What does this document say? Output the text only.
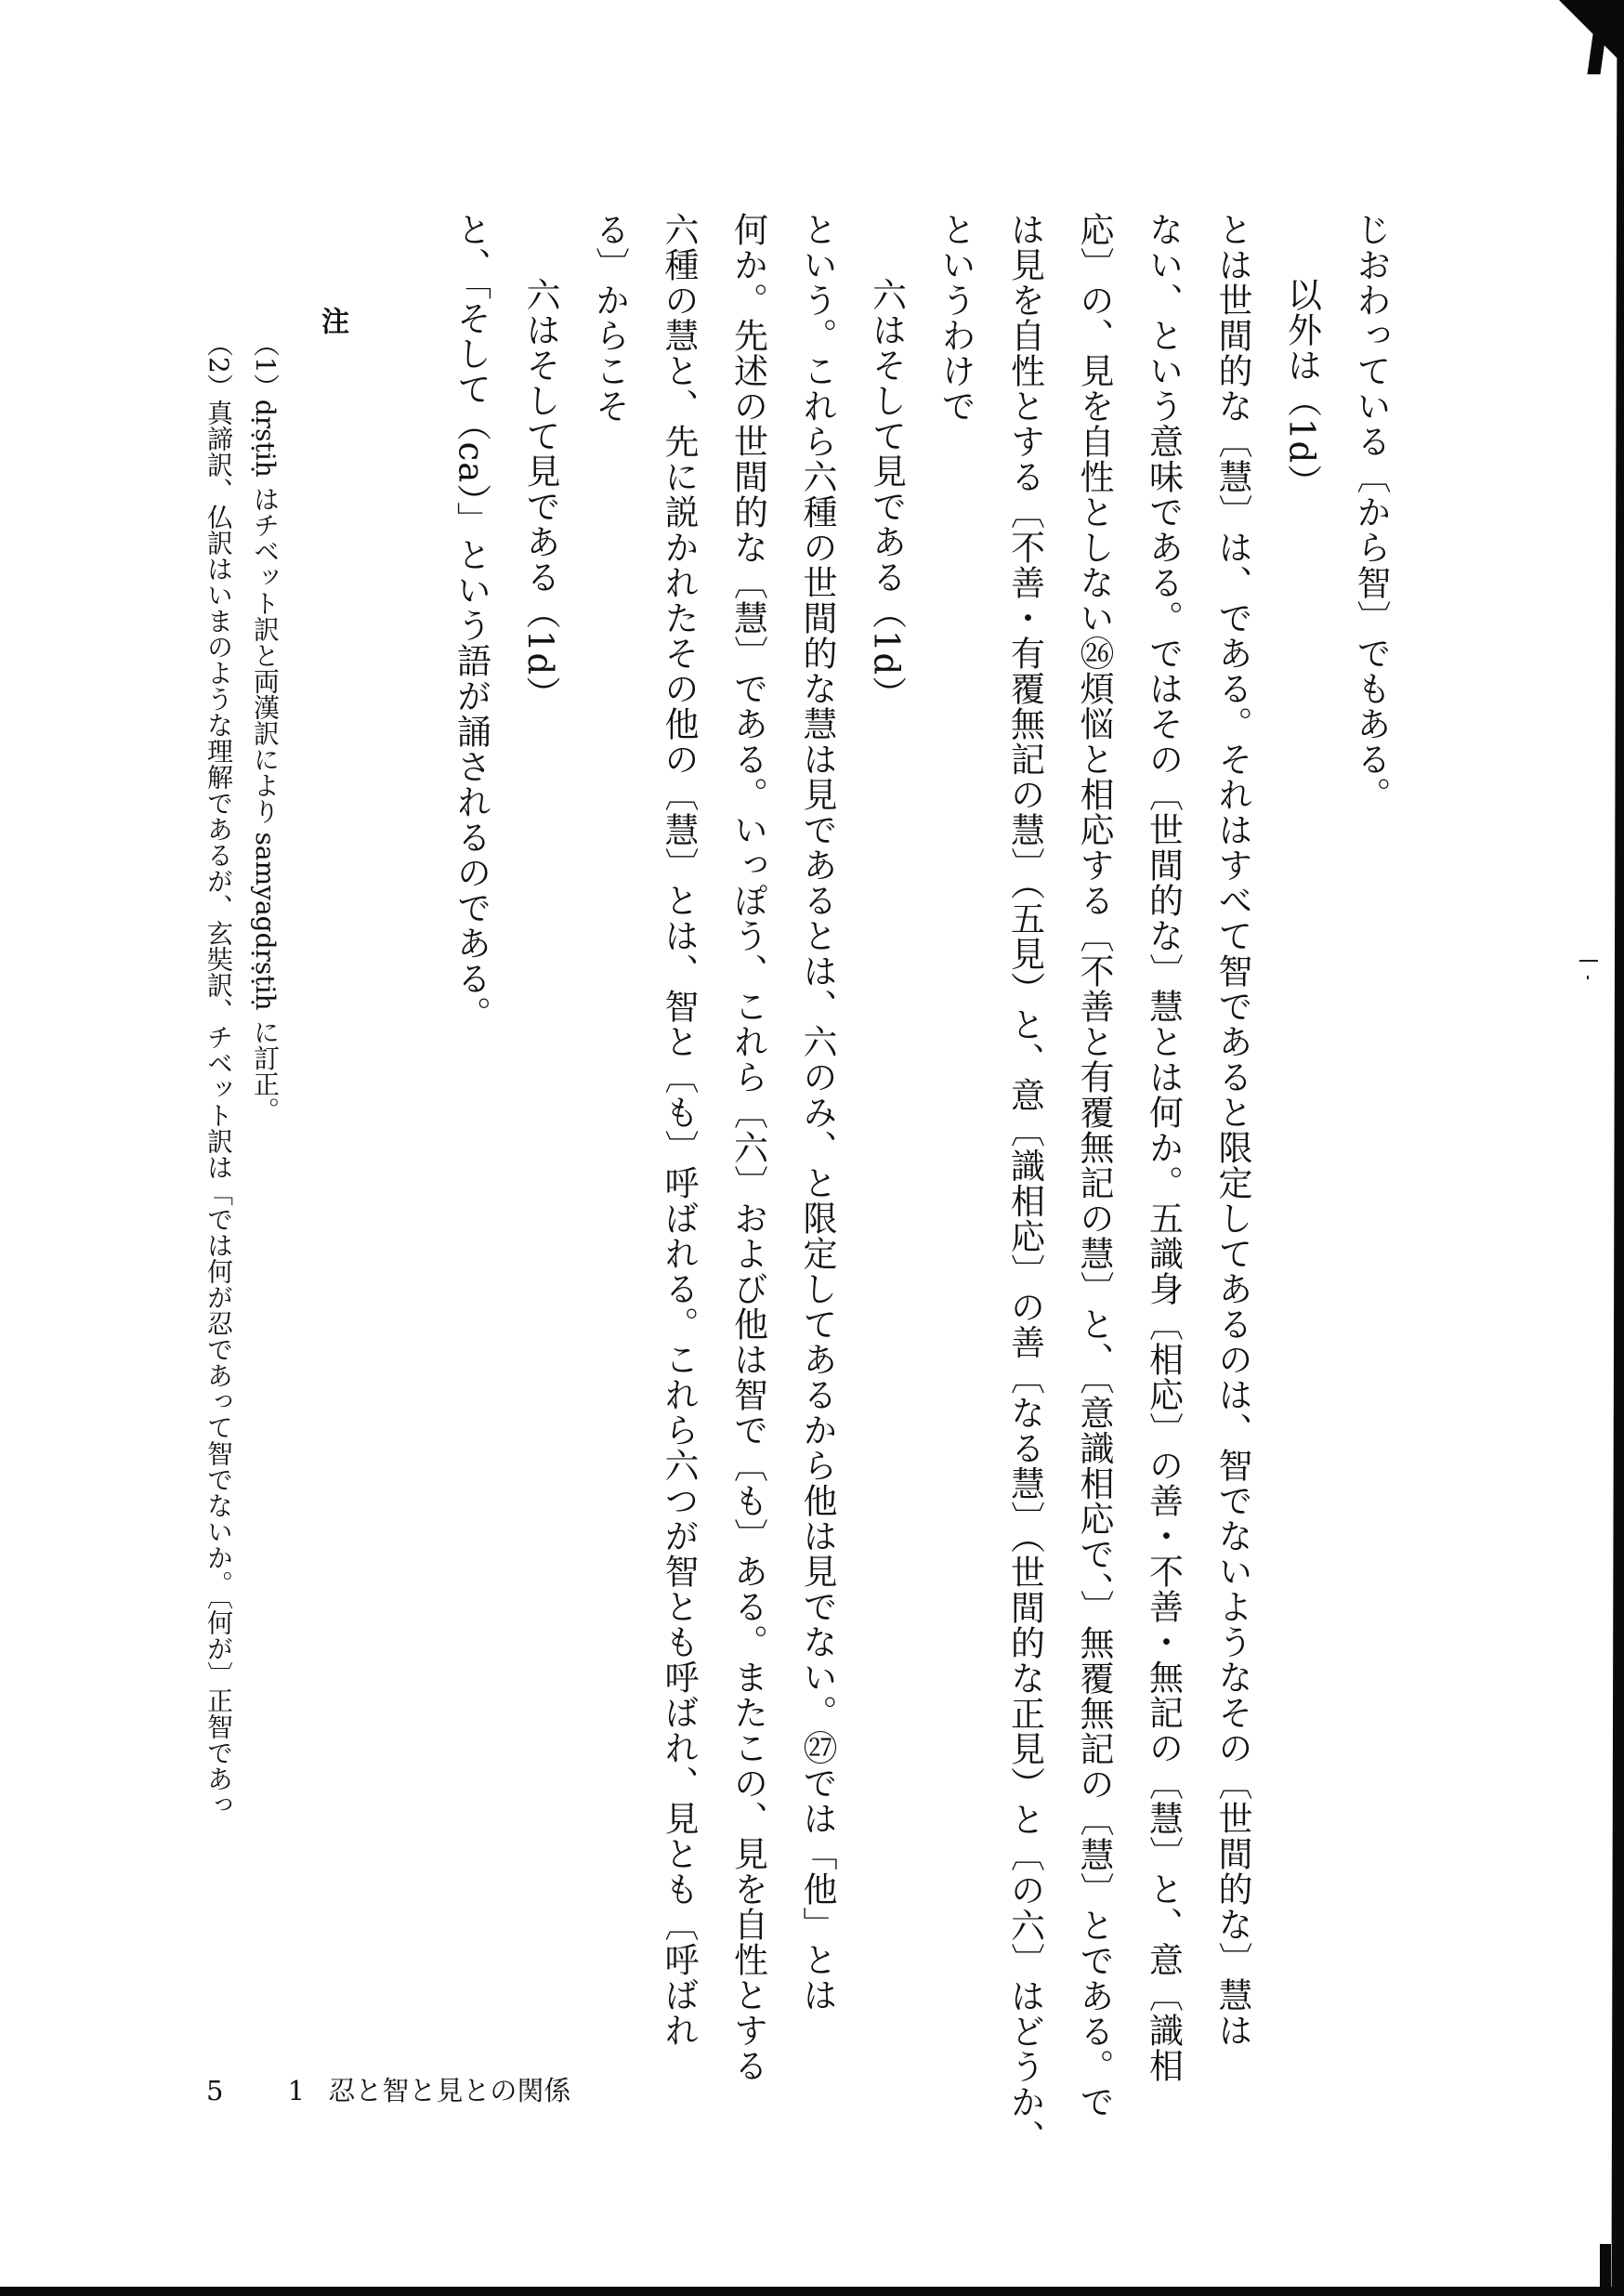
じおわっている〔から智〕でもある。
以外は（1d）
とは世間的な〔慧〕は、である。それはすべて智であると限定してあるのは、智でないようなその〔世間的な〕慧は
ない、という意味である。ではその〔世間的な〕慧とは何か。五識身〔相応〕の善・不善・無記の〔慧〕と、意〔識相
応〕の、見を自性としない㉖煩悩と相応する〔不善と有覆無記の慧〕と、〔意識相応で、〕無覆無記の〔慧〕とである。で
は見を自性とする〔不善・有覆無記の慧〕（五見）と、意〔識相応〕の善〔なる慧〕（世間的な正見）と〔の六〕はどうか、
というわけで
六はそして見である（1d）
という。これら六種の世間的な慧は見であるとは、六のみ、と限定してあるから他は見でない。㉗では「他」とは
何か。先述の世間的な〔慧〕である。いっぽう、これら〔六〕および他は智で〔も〕ある。またこの、見を自性とする
六種の慧と、先に説かれたその他の〔慧〕とは、智と〔も〕呼ばれる。これら六つが智とも呼ばれ、見とも〔呼ばれ
る〕からこそ
六はそして見である（1d）
と、「そして（ca）」という語が誦されるのである。
注
（1）dṛṣṭiḥ はチベット訳と両漢訳により samyagdṛṣṭiḥ に訂正。
（2）真諦訳、仏訳はいまのような理解であるが、玄奘訳、チベット訳は「では何が忍であって智でないか。〔何が〕正智であっ
5 1 忍と智と見との関係
